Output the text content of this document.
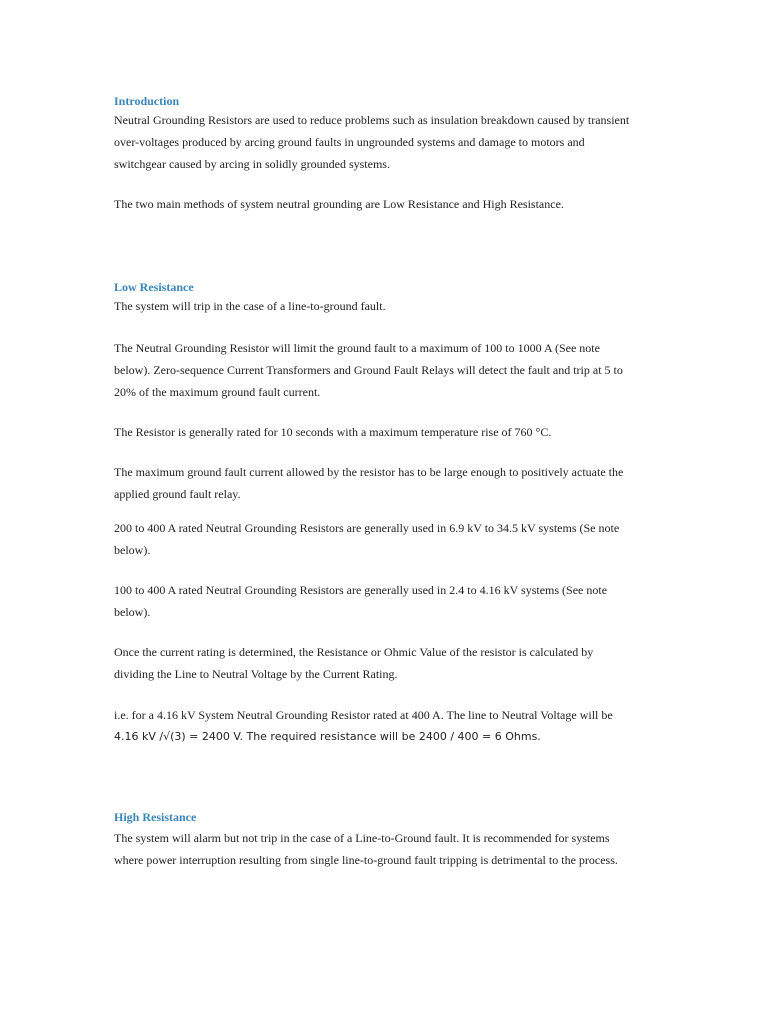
Introduction

Neutral Grounding Resistors are used to reduce problems such as insulation breakdown caused by transient
over-voltages produced by arcing ground faults in ungrounded systems and damage to motors and
switchgear caused by arcing in solidly grounded systems.

The two main methods of system neutral grounding are Low Resistance and High Resistance.

Low Resistance

The system will trip in the case of a line-to-ground fault.

The Neutral Grounding Resistor will limit the ground fault to a maximum of 100 to 1000 A (See note
below). Zero-sequence Current Transformers and Ground Fault Relays will detect the fault and trip at 5 to
20% of the maximum ground fault current.

The Resistor is generally rated for 10 seconds with a maximum temperature rise of 760 °C.

The maximum ground fault current allowed by the resistor has to be large enough to positively actuate the
applied ground fault relay.

200 to 400 A rated Neutral Grounding Resistors are generally used in 6.9 kV to 34.5 kV systems (Se note
below).

100 to 400 A rated Neutral Grounding Resistors are generally used in 2.4 to 4.16 kV systems (See note
below).

Once the current rating is determined, the Resistance or Ohmic Value of the resistor is calculated by
dividing the Line to Neutral Voltage by the Current Rating.

i.e. for a 4.16 kV System Neutral Grounding Resistor rated at 400 A. The line to Neutral Voltage will be
4.16 kV /√(3) = 2400 V. The required resistance will be 2400 / 400 = 6 Ohms.

High Resistance

The system will alarm but not trip in the case of a Line-to-Ground fault. It is recommended for systems
where power interruption resulting from single line-to-ground fault tripping is detrimental to the process.
